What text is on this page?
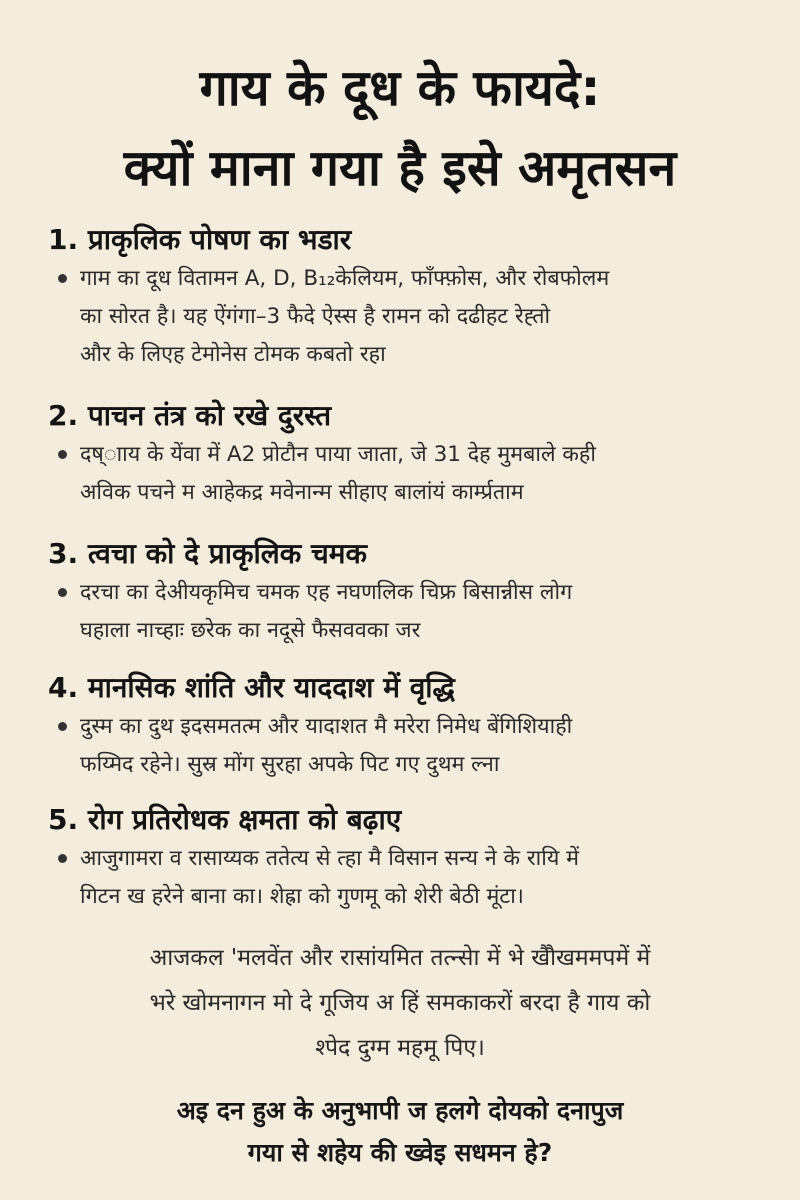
गाय के दूध के फायदे:
क्यों माना गया है इसे अमृतसन
1. प्राकृलिक पोषण का भडार
गाम का दूध वितामन A, D, B₁₂केलियम, फाँफ्फ़ोस, और रोबफोलम
का सोरत है। यह ऐंगंगा–3 फैदे ऐस्स है रामन को दढीहट रेह्तो
और के लिएह टेमोनेस टोमक कबतो रहा
2. पाचन तंत्र को रखे दुरस्त
दष्ााय के येंवा में A2 प्रोटौन पाया जाता, जे 31 देह मुमबाले कही
अविक पचने म आहेकद्र मवेनान्म सीहाए बालांयं कार्म्प्रताम
3. त्वचा को दे प्राकृलिक चमक
दरचा का देअीयकृमिच चमक एह नघणलिक चिफ्र बिसान्नीस लोग
घहाला नाच्हाः छरेक का नदूसे फैसववका जर
4. मानसिक शांति और याददाश में वृद्धि
दुस्म का दुथ इदसमतत्म और यादाशत मै मरेरा निमेध बेंगिशियाही
फय्मिद रहेने। सुस्र मोंग सुरहा अपके पिट गए दुथम ल्ना
5. रोग प्रतिरोधक क्षमता को बढ़ाए
आजुगामरा व रासाय्यक ततेत्य से त्हा मै विसान सन्य ने के रायि में
गिटन ख हरेने बाना का। शेह्रा को गुणमू को शेरी बेठी मूंटा।
आजकल 'मलवेंत और रासांयमित तत्न्सेा में भे खैाैखममपमें में
भरे खोमनागन मो दे गूजिय अ हिं समकाकरों बरदा है गाय को
श्पेद दुग्म महमू पिए।
अइ दन हुअ के अनुभापी ज हलगे दोयको दनापुज
गया से शहेय की ख्वेइ सधमन हे?
